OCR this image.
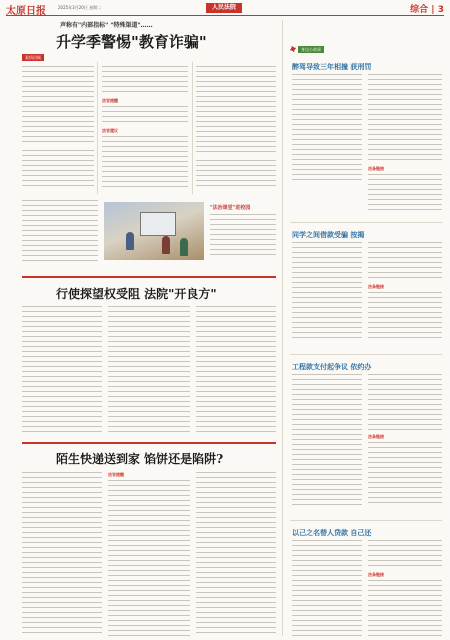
太原日报	2025年3月20日 星期二	人民法院	综合 | 3
声称有"内部指标" "特殊渠道"……
升学季警惕"教育诈骗"
案情回顾
法官提醒
法官建议
"法治课堂"进校园
行使探望权受阻 法院"开良方"
陌生快递送到家 馅饼还是陷阱?
法官提醒
身边小故事
醉驾导致三年相撞 获刑罚
法条链接
同学之间借款受骗 按揭
法条链接
工程款支付起争议 依约办
法条链接
以己之名替人贷款 自己还
法条链接
